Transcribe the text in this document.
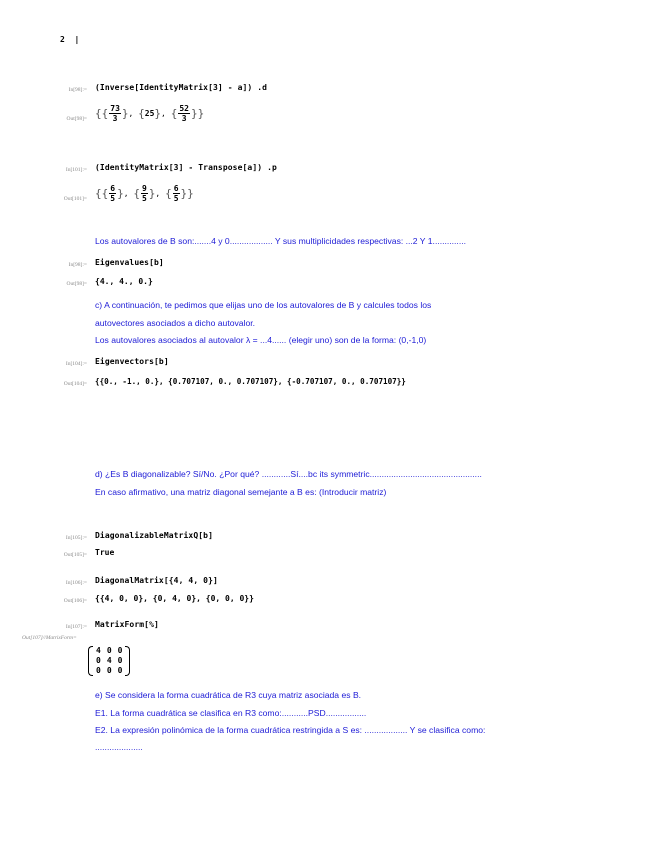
2 |
In[98]:= (Inverse[IdentityMatrix[3] - a]) .d
Out[98]= {{ $\frac{73}{3}$ }, {25}, { $\frac{52}{3}$ }}
In[101]:= (IdentityMatrix[3] - Transpose[a]) .p
Out[101]= {{ $\frac{6}{5}$ }, { $\frac{9}{5}$ }, { $\frac{6}{5}$ }}
Los autovalores de B son:.......4 y 0.................. Y sus multiplicidades respectivas: ...2 Y 1..............
In[98]:= Eigenvalues[b]
Out[98]= {4., 4., 0.}
c) A continuación, te pedimos que elijas uno de los autovalores de B y calcules todos los
autovectores asociados a dicho autovalor.
Los autovalores asociados al autovalor λ = ...4...... (elegir uno) son de la forma: (0,-1,0)
In[104]:= Eigenvectors[b]
Out[104]= {{0., -1., 0.}, {0.707107, 0., 0.707107}, {-0.707107, 0., 0.707107}}
d) ¿Es B diagonalizable? Sí/No. ¿Por qué? ............Sí....bc its symmetric...............................................
En caso afirmativo, una matriz diagonal semejante a B es: (Introducir matriz)
In[105]:= DiagonalizableMatrixQ[b]
Out[105]= True
In[106]:= DiagonalMatrix[{4, 4, 0}]
Out[106]= {{4, 0, 0}, {0, 4, 0}, {0, 0, 0}}
In[107]:= MatrixForm[%]
Out[107]//MatrixForm=
4	0	0
0	4	0
0	0	0
e) Se considera la forma cuadrática de R3 cuya matriz asociada es B.
E1. La forma cuadrática se clasifica en R3 como:...........PSD.................
E2. La expresión polinómica de la forma cuadrática restringida a S es: .................. Y se clasifica como:
....................
